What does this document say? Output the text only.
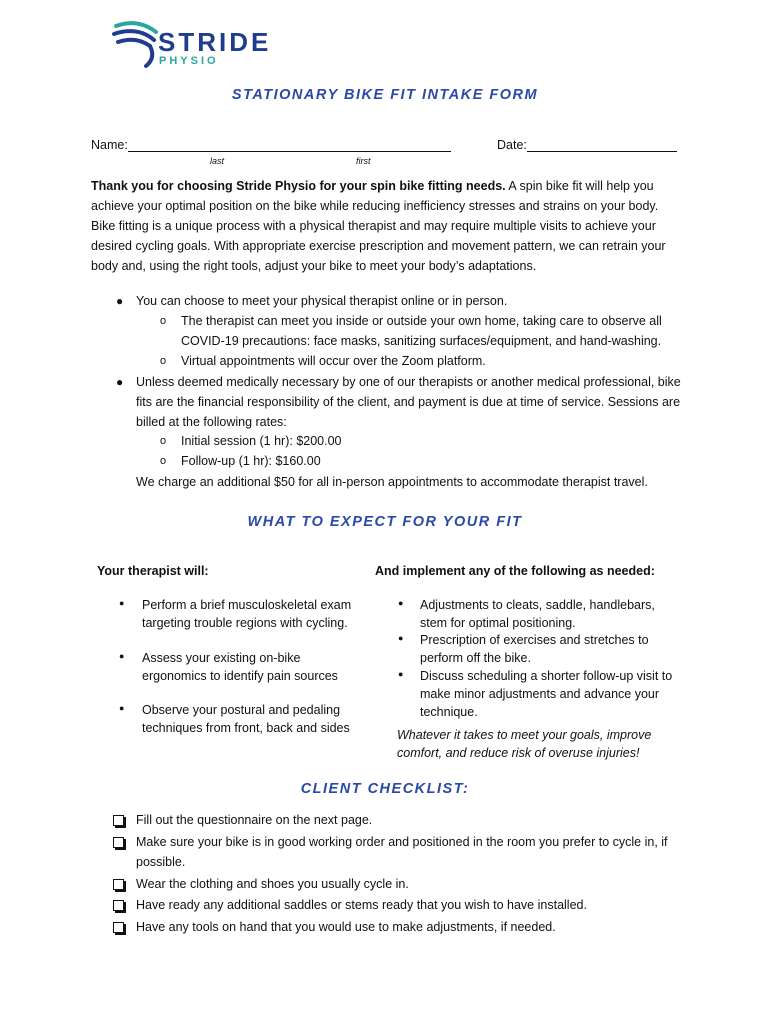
STRIDE
PHYSIO
STATIONARY BIKE FIT INTAKE FORM
Name:	Date:
last	first
Thank you for choosing Stride Physio for your spin bike fitting needs. A spin bike fit will help you achieve your optimal position on the bike while reducing inefficiency stresses and strains on your body. Bike fitting is a unique process with a physical therapist and may require multiple visits to achieve your desired cycling goals. With appropriate exercise prescription and movement pattern, we can retrain your body and, using the right tools, adjust your bike to meet your body’s adaptations.
● You can choose to meet your physical therapist online or in person.
o The therapist can meet you inside or outside your own home, taking care to observe all COVID-19 precautions: face masks, sanitizing surfaces/equipment, and hand-washing.
o Virtual appointments will occur over the Zoom platform.
● Unless deemed medically necessary by one of our therapists or another medical professional, bike fits are the financial responsibility of the client, and payment is due at time of service. Sessions are billed at the following rates:
o Initial session (1 hr): $200.00
o Follow-up (1 hr): $160.00
We charge an additional $50 for all in-person appointments to accommodate therapist travel.
WHAT TO EXPECT FOR YOUR FIT
Your therapist will:	And implement any of the following as needed:
● Perform a brief musculoskeletal exam targeting trouble regions with cycling.
● Assess your existing on-bike ergonomics to identify pain sources
● Observe your postural and pedaling techniques from front, back and sides
● Adjustments to cleats, saddle, handlebars, stem for optimal positioning.
● Prescription of exercises and stretches to perform off the bike.
● Discuss scheduling a shorter follow-up visit to make minor adjustments and advance your technique.
Whatever it takes to meet your goals, improve comfort, and reduce risk of overuse injuries!
CLIENT CHECKLIST:
Fill out the questionnaire on the next page.
Make sure your bike is in good working order and positioned in the room you prefer to cycle in, if possible.
Wear the clothing and shoes you usually cycle in.
Have ready any additional saddles or stems ready that you wish to have installed.
Have any tools on hand that you would use to make adjustments, if needed.
